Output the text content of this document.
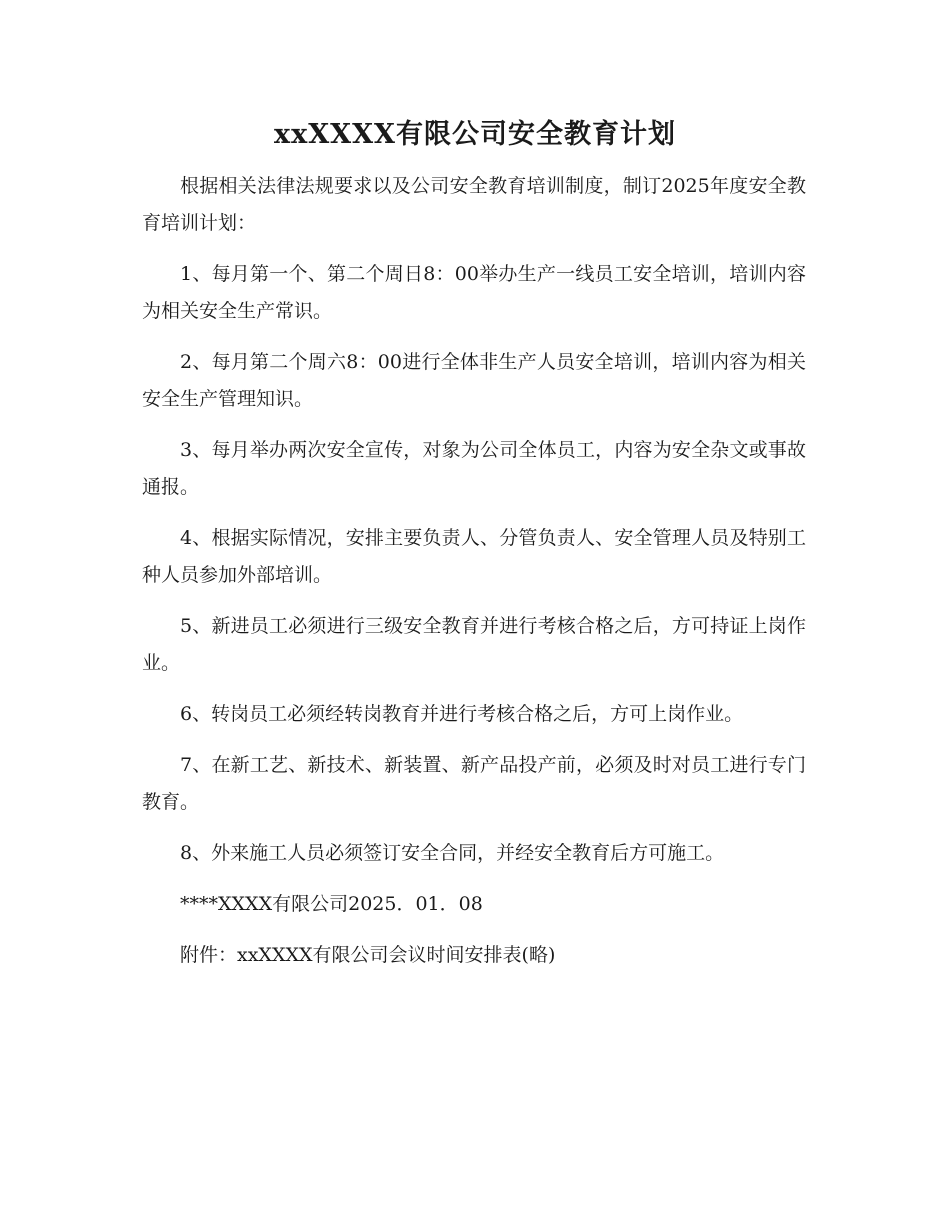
xxXXXX有限公司安全教育计划

根据相关法律法规要求以及公司安全教育培训制度，制订2025年度安全教育培训计划：

1、每月第一个、第二个周日8：00举办生产一线员工安全培训，培训内容为相关安全生产常识。

2、每月第二个周六8：00进行全体非生产人员安全培训，培训内容为相关安全生产管理知识。

3、每月举办两次安全宣传，对象为公司全体员工，内容为安全杂文或事故通报。

4、根据实际情况，安排主要负责人、分管负责人、安全管理人员及特别工种人员参加外部培训。

5、新进员工必须进行三级安全教育并进行考核合格之后，方可持证上岗作业。

6、转岗员工必须经转岗教育并进行考核合格之后，方可上岗作业。

7、在新工艺、新技术、新装置、新产品投产前，必须及时对员工进行专门教育。

8、外来施工人员必须签订安全合同，并经安全教育后方可施工。

****XXXX有限公司2025．01．08

附件：xxXXXX有限公司会议时间安排表(略)
